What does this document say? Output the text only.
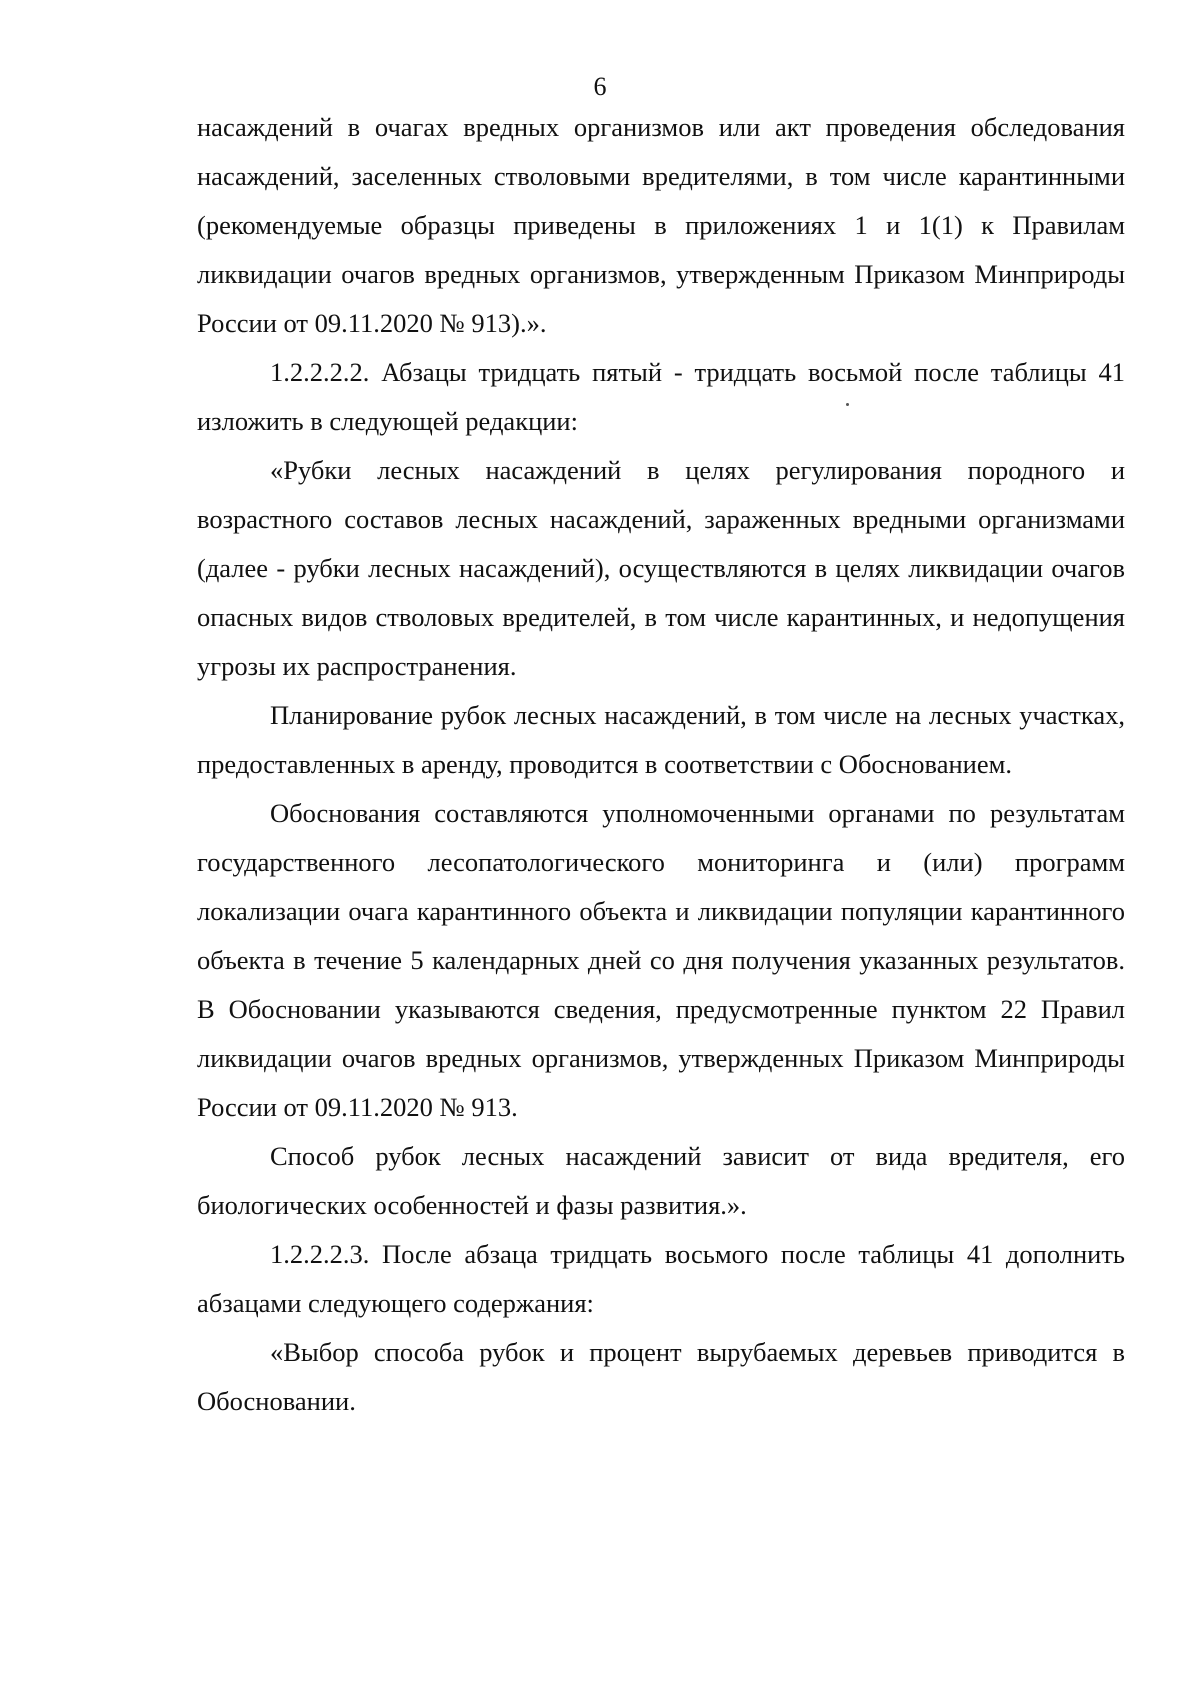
6

насаждений в очагах вредных организмов или акт проведения обследования насаждений, заселенных стволовыми вредителями, в том числе карантинными (рекомендуемые образцы приведены в приложениях 1 и 1(1) к Правилам ликвидации очагов вредных организмов, утвержденным Приказом Минприроды России от 09.11.2020 № 913).».

1.2.2.2.2. Абзацы тридцать пятый - тридцать восьмой после таблицы 41 изложить в следующей редакции:

«Рубки лесных насаждений в целях регулирования породного и возрастного составов лесных насаждений, зараженных вредными организмами (далее - рубки лесных насаждений), осуществляются в целях ликвидации очагов опасных видов стволовых вредителей, в том числе карантинных, и недопущения угрозы их распространения.

Планирование рубок лесных насаждений, в том числе на лесных участках, предоставленных в аренду, проводится в соответствии с Обоснованием.

Обоснования составляются уполномоченными органами по результатам государственного лесопатологического мониторинга и (или) программ локализации очага карантинного объекта и ликвидации популяции карантинного объекта в течение 5 календарных дней со дня получения указанных результатов. В Обосновании указываются сведения, предусмотренные пунктом 22 Правил ликвидации очагов вредных организмов, утвержденных Приказом Минприроды России от 09.11.2020 № 913.

Способ рубок лесных насаждений зависит от вида вредителя, его биологических особенностей и фазы развития.».

1.2.2.2.3. После абзаца тридцать восьмого после таблицы 41 дополнить абзацами следующего содержания:

«Выбор способа рубок и процент вырубаемых деревьев приводится в Обосновании.
